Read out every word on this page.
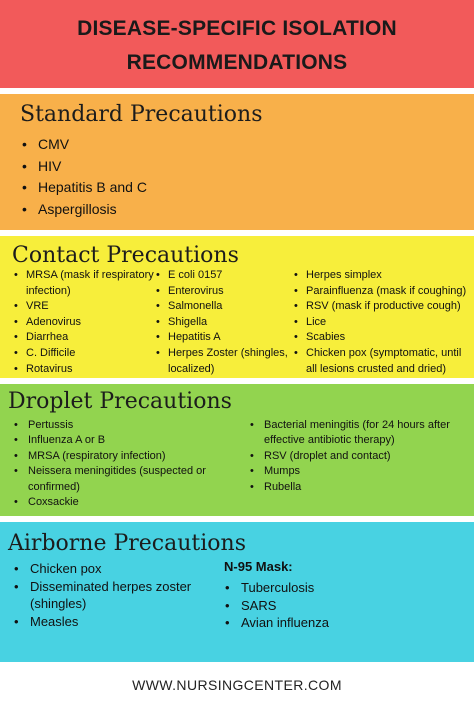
DISEASE-SPECIFIC ISOLATION
RECOMMENDATIONS
Standard Precautions
• CMV
• HIV
• Hepatitis B and C
• Aspergillosis
Contact Precautions
• MRSA (mask if respiratory infection)
• VRE
• Adenovirus
• Diarrhea
• C. Difficile
• Rotavirus
• E coli 0157
• Enterovirus
• Salmonella
• Shigella
• Hepatitis A
• Herpes Zoster (shingles, localized)
• Herpes simplex
• Parainfluenza (mask if coughing)
• RSV (mask if productive cough)
• Lice
• Scabies
• Chicken pox (symptomatic, until all lesions crusted and dried)
Droplet Precautions
• Pertussis
• Influenza A or B
• MRSA (respiratory infection)
• Neissera meningitides (suspected or confirmed)
• Coxsackie
• Bacterial meningitis (for 24 hours after effective antibiotic therapy)
• RSV (droplet and contact)
• Mumps
• Rubella
Airborne Precautions
• Chicken pox
• Disseminated herpes zoster (shingles)
• Measles
N-95 Mask:
• Tuberculosis
• SARS
• Avian influenza
WWW.NURSINGCENTER.COM
